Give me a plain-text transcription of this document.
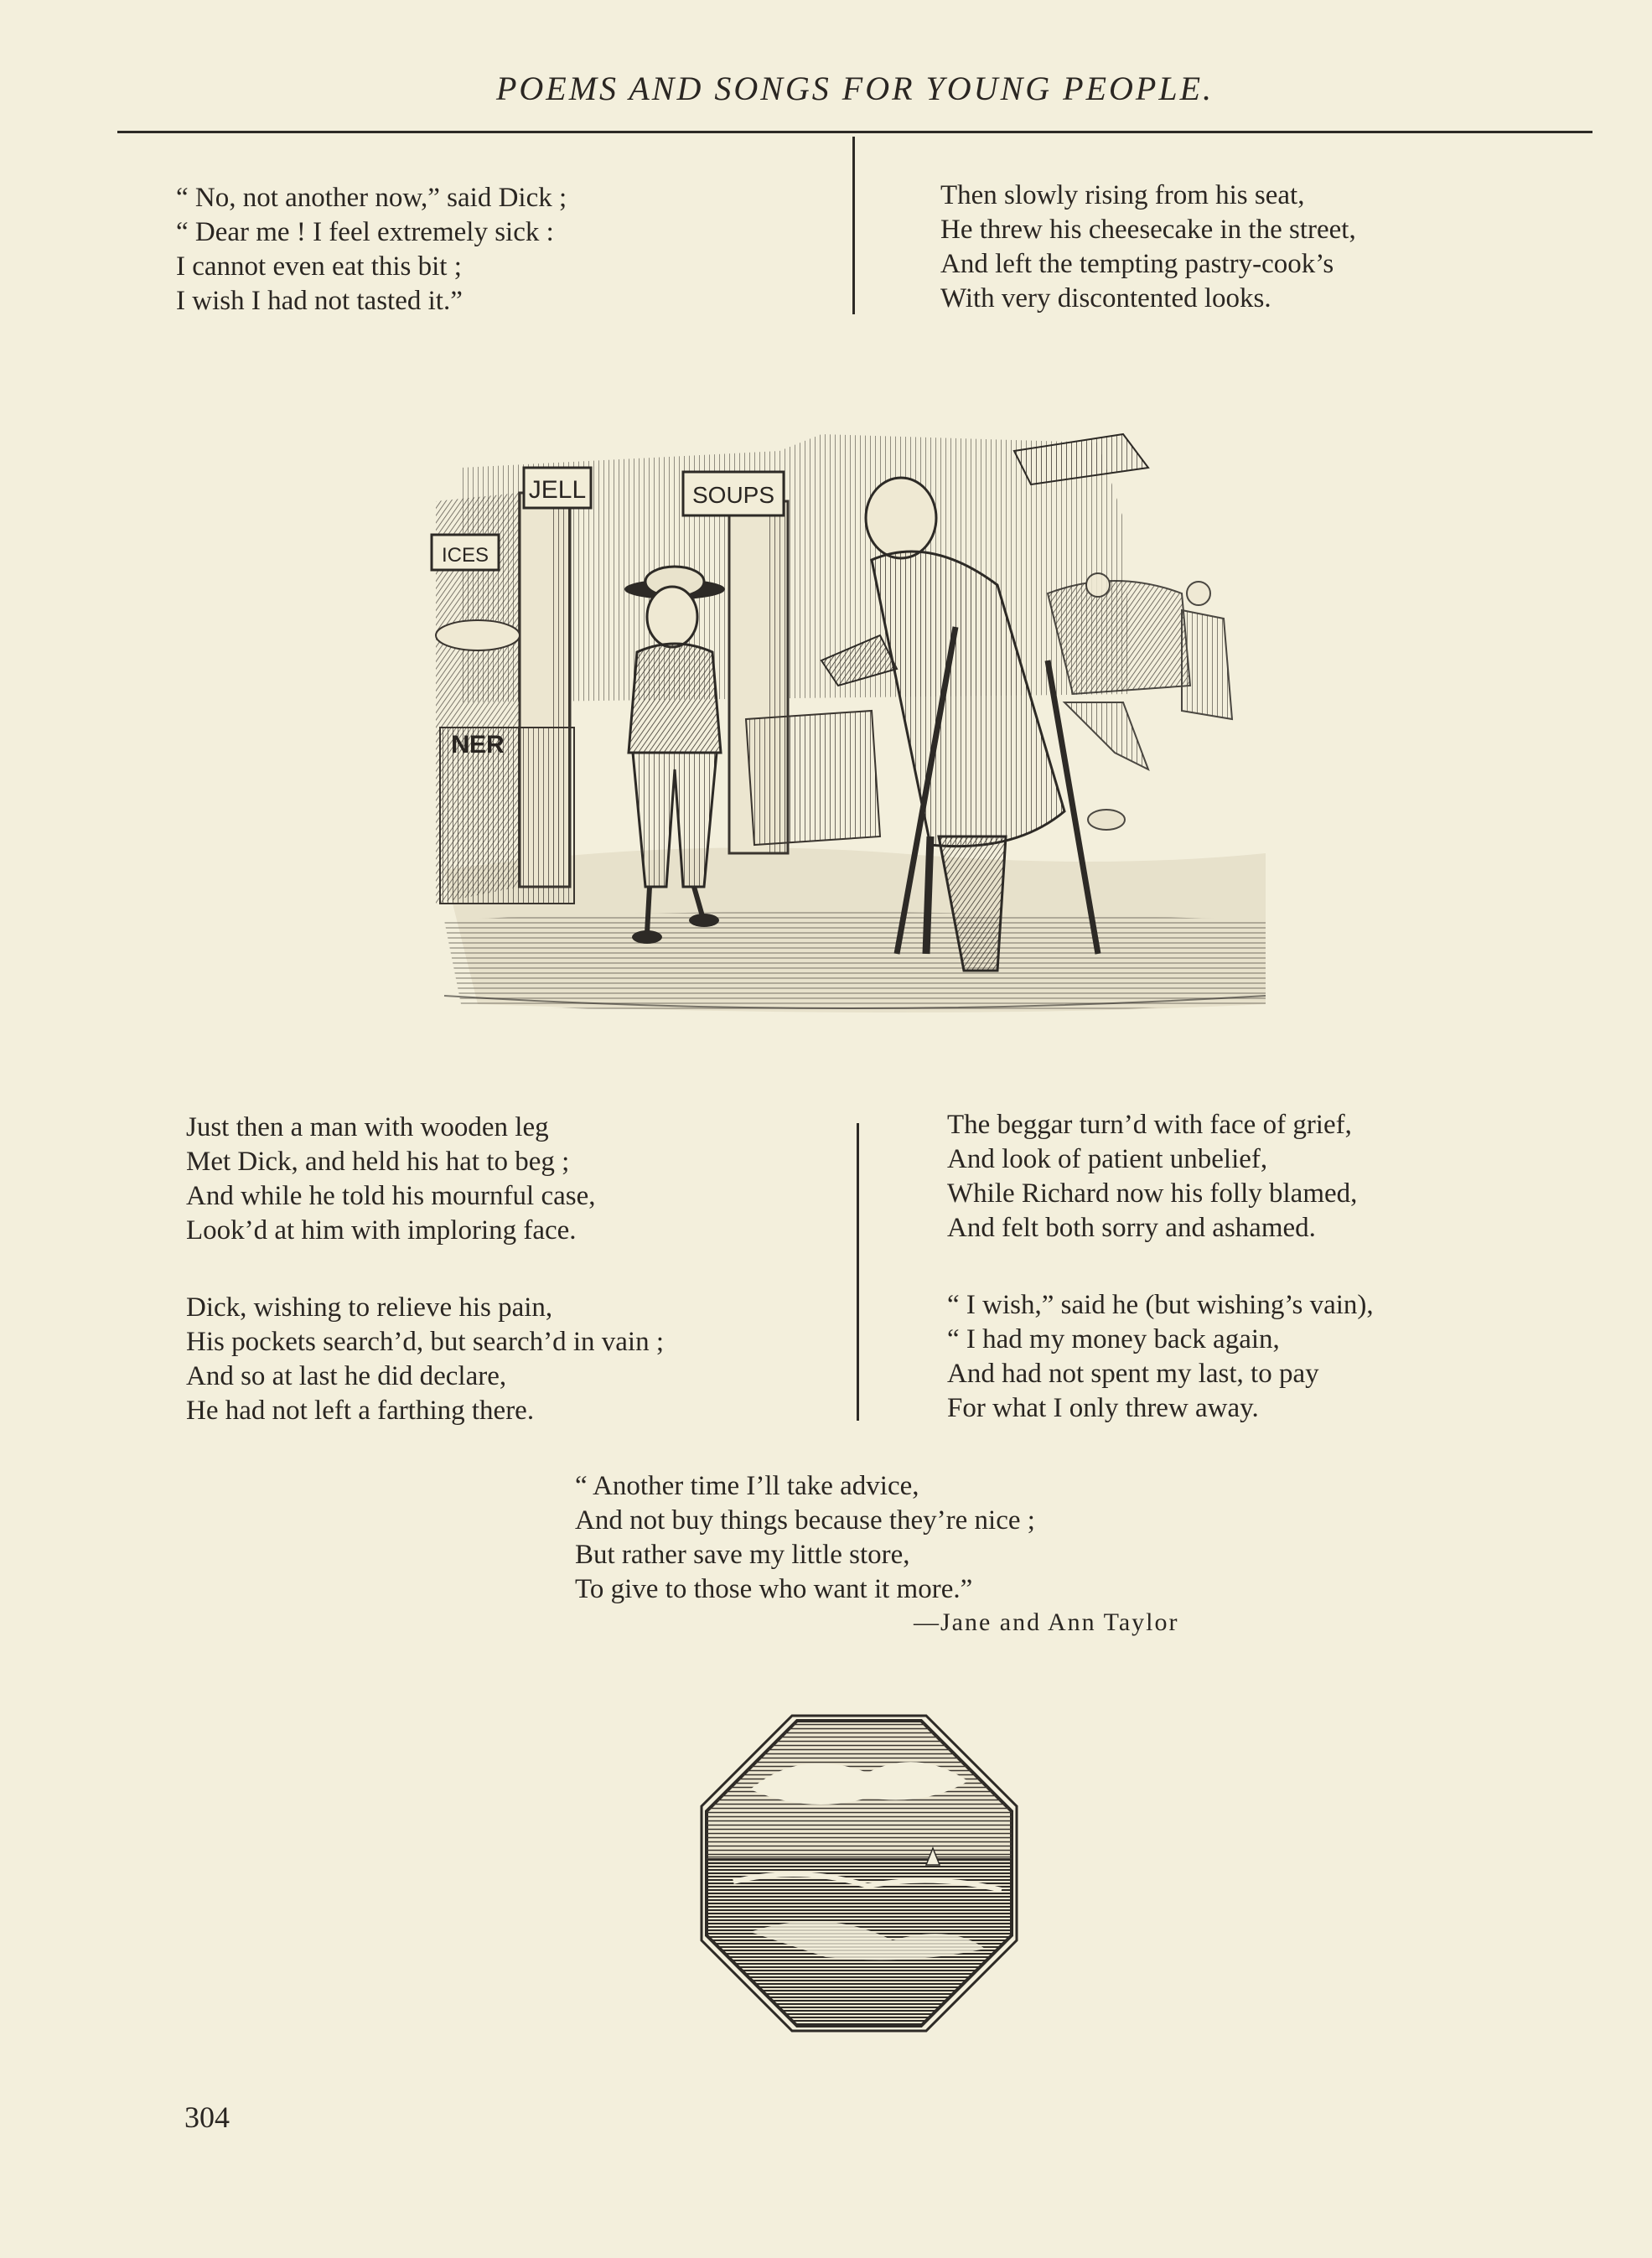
POEMS AND SONGS FOR YOUNG PEOPLE.
“ No, not another now,” said Dick ;
“ Dear me ! I feel extremely sick :
I cannot even eat this bit ;
I wish I had not tasted it.”
Then slowly rising from his seat,
He threw his cheesecake in the street,
And left the tempting pastry-cook’s
With very discontented looks.
JELL	SOUPS
ICES
NER
Just then a man with wooden leg
Met Dick, and held his hat to beg ;
And while he told his mournful case,
Look’d at him with imploring face.
Dick, wishing to relieve his pain,
His pockets search’d, but search’d in vain ;
And so at last he did declare,
He had not left a farthing there.
The beggar turn’d with face of grief,
And look of patient unbelief,
While Richard now his folly blamed,
And felt both sorry and ashamed.
“ I wish,” said he (but wishing’s vain),
“ I had my money back again,
And had not spent my last, to pay
For what I only threw away.
“ Another time I’ll take advice,
And not buy things because they’re nice ;
But rather save my little store,
To give to those who want it more.”
—Jane and Ann Taylor
304
